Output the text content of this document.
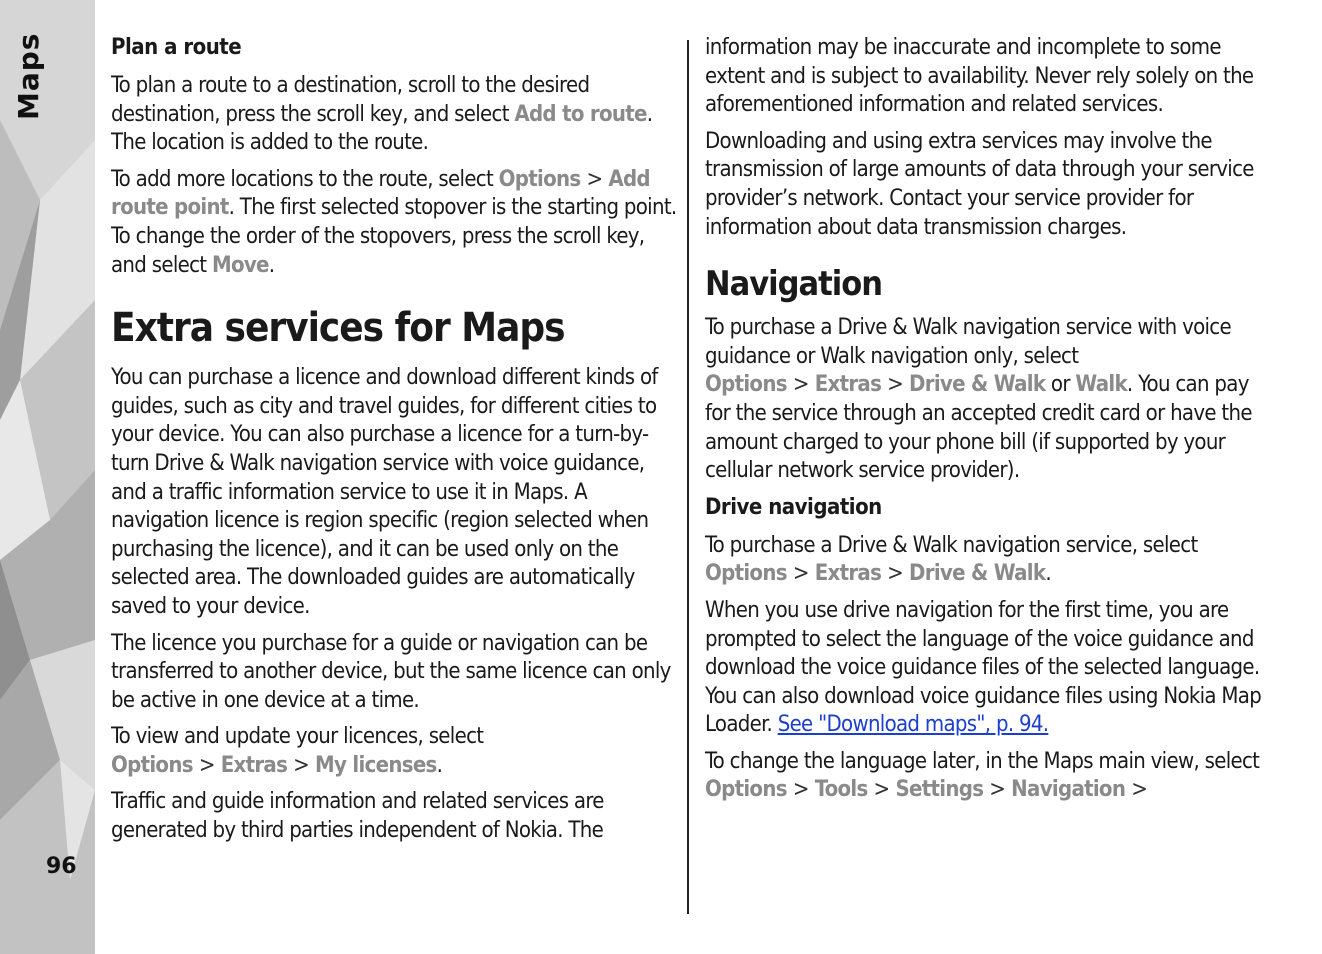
Maps
96
Plan a route

To plan a route to a destination, scroll to the desired destination, press the scroll key, and select Add to route. The location is added to the route.

To add more locations to the route, select Options > Add route point. The first selected stopover is the starting point. To change the order of the stopovers, press the scroll key, and select Move.

Extra services for Maps

You can purchase a licence and download different kinds of guides, such as city and travel guides, for different cities to your device. You can also purchase a licence for a turn-by-turn Drive & Walk navigation service with voice guidance, and a traffic information service to use it in Maps. A navigation licence is region specific (region selected when purchasing the licence), and it can be used only on the selected area. The downloaded guides are automatically saved to your device.

The licence you purchase for a guide or navigation can be transferred to another device, but the same licence can only be active in one device at a time.

To view and update your licences, select Options > Extras > My licenses.

Traffic and guide information and related services are generated by third parties independent of Nokia. The

information may be inaccurate and incomplete to some extent and is subject to availability. Never rely solely on the aforementioned information and related services.

Downloading and using extra services may involve the transmission of large amounts of data through your service provider’s network. Contact your service provider for information about data transmission charges.

Navigation

To purchase a Drive & Walk navigation service with voice guidance or Walk navigation only, select Options > Extras > Drive & Walk or Walk. You can pay for the service through an accepted credit card or have the amount charged to your phone bill (if supported by your cellular network service provider).

Drive navigation

To purchase a Drive & Walk navigation service, select Options > Extras > Drive & Walk.

When you use drive navigation for the first time, you are prompted to select the language of the voice guidance and download the voice guidance files of the selected language. You can also download voice guidance files using Nokia Map Loader. See "Download maps", p. 94.

To change the language later, in the Maps main view, select Options > Tools > Settings > Navigation >
